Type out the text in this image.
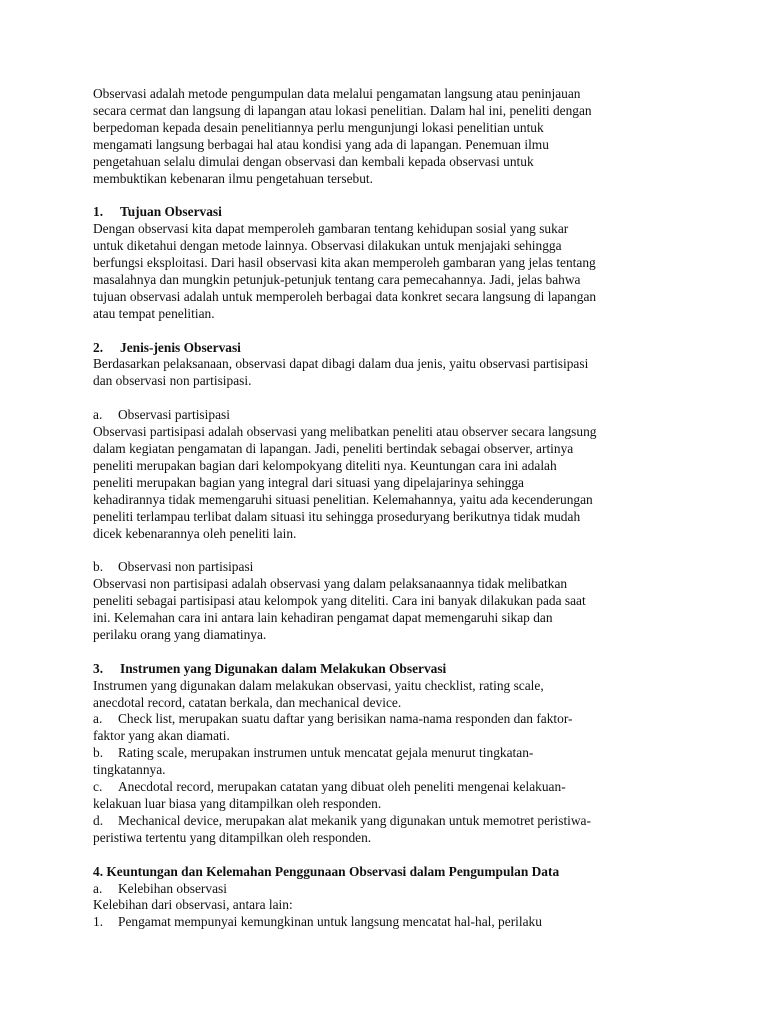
Observasi adalah metode pengumpulan data melalui pengamatan langsung atau peninjauan
secara cermat dan langsung di lapangan atau lokasi penelitian. Dalam hal ini, peneliti dengan
berpedoman kepada desain penelitiannya perlu mengunjungi lokasi penelitian untuk
mengamati langsung berbagai hal atau kondisi yang ada di lapangan. Penemuan ilmu
pengetahuan selalu dimulai dengan observasi dan kembali kepada observasi untuk
membuktikan kebenaran ilmu pengetahuan tersebut.

1. Tujuan Observasi

Dengan observasi kita dapat memperoleh gambaran tentang kehidupan sosial yang sukar
untuk diketahui dengan metode lainnya. Observasi dilakukan untuk menjajaki sehingga
berfungsi eksploitasi. Dari hasil observasi kita akan memperoleh gambaran yang jelas tentang
masalahnya dan mungkin petunjuk-petunjuk tentang cara pemecahannya. Jadi, jelas bahwa
tujuan observasi adalah untuk memperoleh berbagai data konkret secara langsung di lapangan
atau tempat penelitian.

2. Jenis-jenis Observasi

Berdasarkan pelaksanaan, observasi dapat dibagi dalam dua jenis, yaitu observasi partisipasi
dan observasi non partisipasi.

a. Observasi partisipasi

Observasi partisipasi adalah observasi yang melibatkan peneliti atau observer secara langsung
dalam kegiatan pengamatan di lapangan. Jadi, peneliti bertindak sebagai observer, artinya
peneliti merupakan bagian dari kelompokyang diteliti nya. Keuntungan cara ini adalah
peneliti merupakan bagian yang integral dari situasi yang dipelajarinya sehingga
kehadirannya tidak memengaruhi situasi penelitian. Kelemahannya, yaitu ada kecenderungan
peneliti terlampau terlibat dalam situasi itu sehingga proseduryang berikutnya tidak mudah
dicek kebenarannya oleh peneliti lain.

b. Observasi non partisipasi

Observasi non partisipasi adalah observasi yang dalam pelaksanaannya tidak melibatkan
peneliti sebagai partisipasi atau kelompok yang diteliti. Cara ini banyak dilakukan pada saat
ini. Kelemahan cara ini antara lain kehadiran pengamat dapat memengaruhi sikap dan
perilaku orang yang diamatinya.

3. Instrumen yang Digunakan dalam Melakukan Observasi

Instrumen yang digunakan dalam melakukan observasi, yaitu checklist, rating scale,
anecdotal record, catatan berkala, dan mechanical device.

a. Check list, merupakan suatu daftar yang berisikan nama-nama responden dan faktor-

faktor yang akan diamati.

b. Rating scale, merupakan instrumen untuk mencatat gejala menurut tingkatan-

tingkatannya.

c. Anecdotal record, merupakan catatan yang dibuat oleh peneliti mengenai kelakuan-

kelakuan luar biasa yang ditampilkan oleh responden.

d. Mechanical device, merupakan alat mekanik yang digunakan untuk memotret peristiwa-

peristiwa tertentu yang ditampilkan oleh responden.

4. Keuntungan dan Kelemahan Penggunaan Observasi dalam Pengumpulan Data

a. Kelebihan observasi

Kelebihan dari observasi, antara lain:

1. Pengamat mempunyai kemungkinan untuk langsung mencatat hal-hal, perilaku
